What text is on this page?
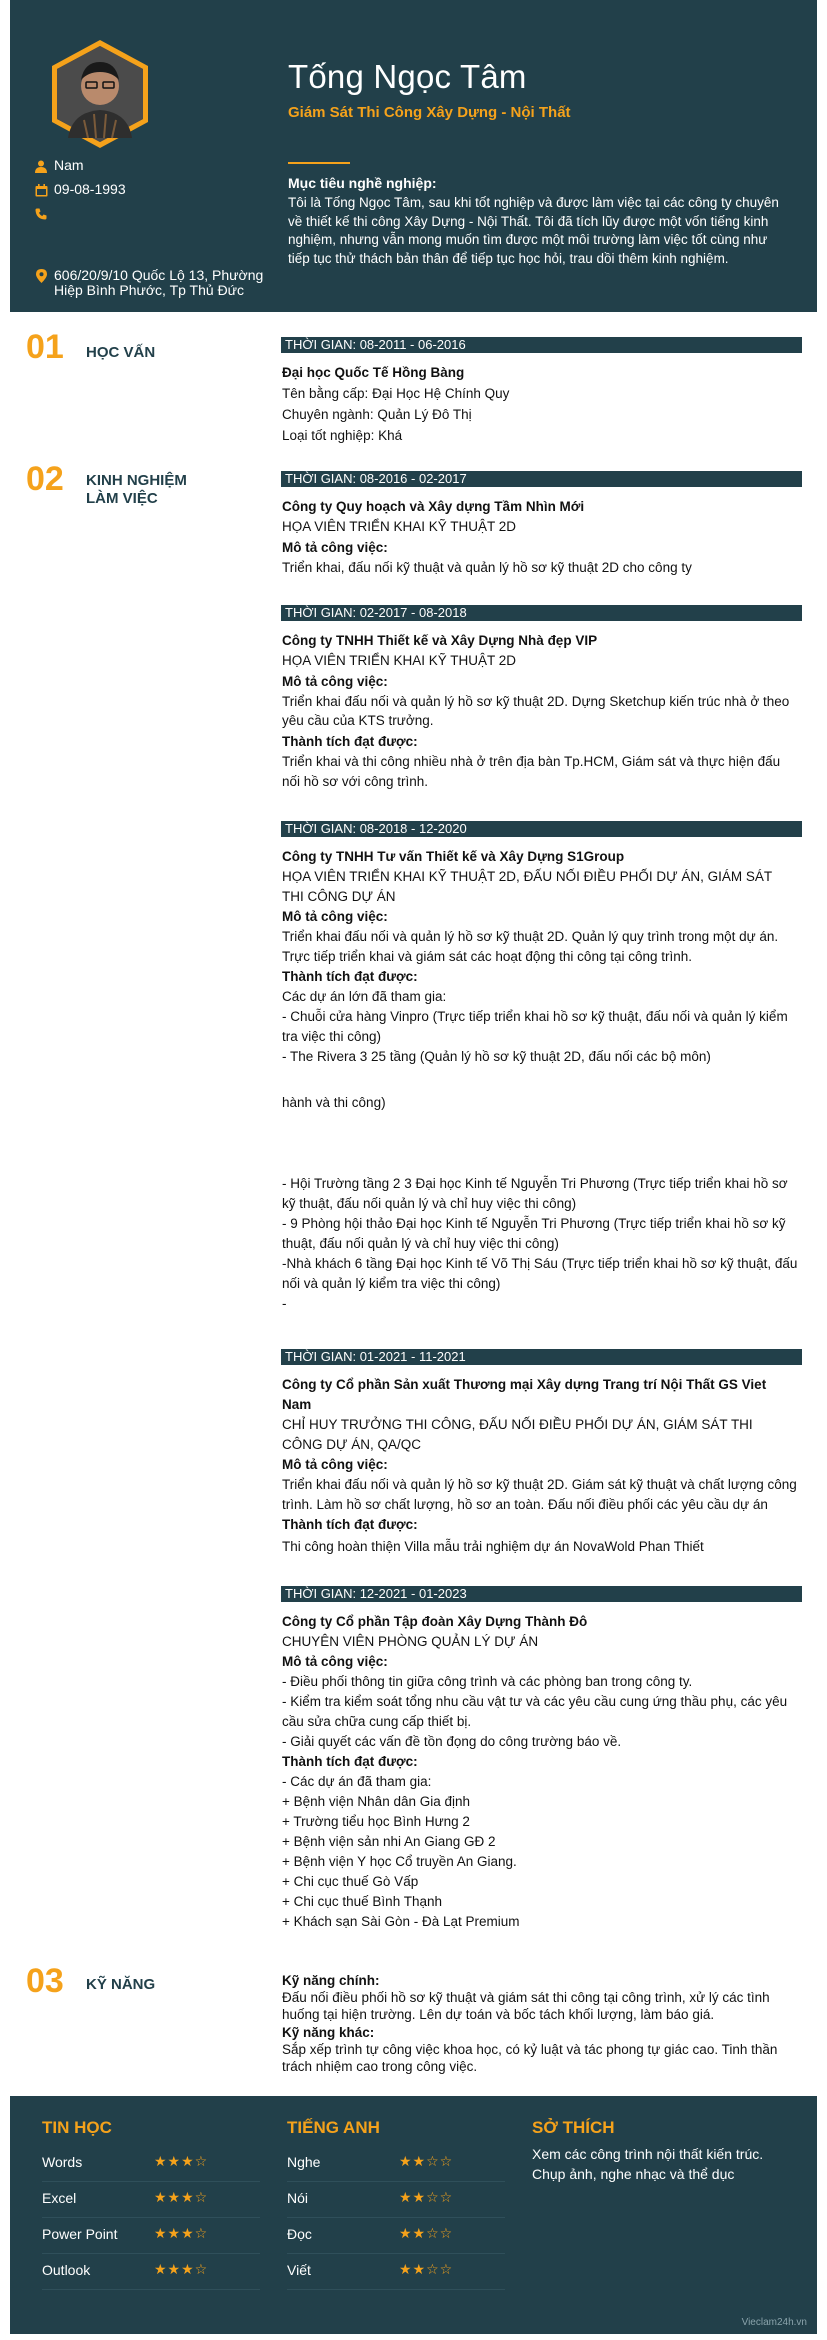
Nam
09-08-1993
606/20/9/10 Quốc Lộ 13, Phường
Hiệp Bình Phước, Tp Thủ Đức
Tống Ngọc Tâm
Giám Sát Thi Công Xây Dựng - Nội Thất
Mục tiêu nghề nghiệp:
Tôi là Tống Ngọc Tâm, sau khi tốt nghiệp và được làm việc tại các công ty chuyên
về thiết kế thi công Xây Dựng - Nội Thất. Tôi đã tích lũy được một vốn tiếng kinh
nghiệm, nhưng vẫn mong muốn tìm được một môi trường làm việc tốt cùng như
tiếp tục thử thách bản thân để tiếp tục học hỏi, trau dồi thêm kinh nghiệm.
01 HỌC VẤN	THỜI GIAN: 08-2011 - 06-2016
Đại học Quốc Tế Hồng Bàng
Tên bằng cấp: Đại Học Hệ Chính Quy
Chuyên ngành: Quản Lý Đô Thị
Loại tốt nghiệp: Khá
02 KINH NGHIỆM
LÀM VIỆC
THỜI GIAN: 08-2016 - 02-2017
Công ty Quy hoạch và Xây dựng Tầm Nhìn Mới
HỌA VIÊN TRIỂN KHAI KỸ THUẬT 2D
Mô tả công việc:
Triển khai, đấu nối kỹ thuật và quản lý hồ sơ kỹ thuật 2D cho công ty
THỜI GIAN: 02-2017 - 08-2018
Công ty TNHH Thiết kế và Xây Dựng Nhà đẹp VIP
HỌA VIÊN TRIỂN KHAI KỸ THUẬT 2D
Mô tả công việc:
Triển khai đấu nối và quản lý hồ sơ kỹ thuật 2D. Dựng Sketchup kiến trúc nhà ở theo
yêu cầu của KTS trưởng.
Thành tích đạt được:
Triển khai và thi công nhiều nhà ở trên địa bàn Tp.HCM, Giám sát và thực hiện đấu
nối hồ sơ với công trình.
THỜI GIAN: 08-2018 - 12-2020
Công ty TNHH Tư vấn Thiết kế và Xây Dựng S1Group
HỌA VIÊN TRIỂN KHAI KỸ THUẬT 2D, ĐẤU NỐI ĐIỀU PHỐI DỰ ÁN, GIÁM SÁT
THI CÔNG DỰ ÁN
Mô tả công việc:
Triển khai đấu nối và quản lý hồ sơ kỹ thuật 2D. Quản lý quy trình trong một dự án.
Trực tiếp triển khai và giám sát các hoạt động thi công tại công trình.
Thành tích đạt được:
Các dự án lớn đã tham gia:
- Chuỗi cửa hàng Vinpro (Trực tiếp triển khai hồ sơ kỹ thuật, đấu nối và quản lý kiểm
tra việc thi công)
- The Rivera 3 25 tầng (Quản lý hồ sơ kỹ thuật 2D, đấu nối các bộ môn)
hành và thi công)
- Hội Trường tầng 2 3 Đại học Kinh tế Nguyễn Tri Phương (Trực tiếp triển khai hồ sơ
kỹ thuật, đấu nối quản lý và chỉ huy việc thi công)
- 9 Phòng hội thảo Đại học Kinh tế Nguyễn Tri Phương (Trực tiếp triển khai hồ sơ kỹ
thuật, đấu nối quản lý và chỉ huy việc thi công)
-Nhà khách 6 tầng Đại học Kinh tế Võ Thị Sáu (Trực tiếp triển khai hồ sơ kỹ thuật, đấu
nối và quản lý kiểm tra việc thi công)
-
THỜI GIAN: 01-2021 - 11-2021
Công ty Cổ phần Sản xuất Thương mại Xây dựng Trang trí Nội Thất GS Viet
Nam
CHỈ HUY TRƯỞNG THI CÔNG, ĐẤU NỐI ĐIỀU PHỐI DỰ ÁN, GIÁM SÁT THI
CÔNG DỰ ÁN, QA/QC
Mô tả công việc:
Triển khai đấu nối và quản lý hồ sơ kỹ thuật 2D. Giám sát kỹ thuật và chất lượng công
trình. Làm hồ sơ chất lượng, hồ sơ an toàn. Đấu nối điều phối các yêu cầu dự án
Thành tích đạt được:
Thi công hoàn thiện Villa mẫu trải nghiệm dự án NovaWold Phan Thiết
THỜI GIAN: 12-2021 - 01-2023
Công ty Cổ phần Tập đoàn Xây Dựng Thành Đô
CHUYÊN VIÊN PHÒNG QUẢN LÝ DỰ ÁN
Mô tả công việc:
- Điều phối thông tin giữa công trình và các phòng ban trong công ty.
- Kiểm tra kiểm soát tổng nhu cầu vật tư và các yêu cầu cung ứng thầu phụ, các yêu
cầu sửa chữa cung cấp thiết bị.
- Giải quyết các vấn đề tồn đọng do công trường báo về.
Thành tích đạt được:
- Các dự án đã tham gia:
+ Bệnh viện Nhân dân Gia định
+ Trường tiểu học Bình Hưng 2
+ Bệnh viện sản nhi An Giang GĐ 2
+ Bệnh viện Y học Cổ truyền An Giang.
+ Chi cục thuế Gò Vấp
+ Chi cục thuế Bình Thạnh
+ Khách sạn Sài Gòn - Đà Lạt Premium
03 KỸ NĂNG	Kỹ năng chính:
Đấu nối điều phối hồ sơ kỹ thuật và giám sát thi công tại công trình, xử lý các tình
huống tại hiện trường. Lên dự toán và bốc tách khối lượng, làm báo giá.
Kỹ năng khác:
Sắp xếp trình tự công việc khoa học, có kỷ luật và tác phong tự giác cao. Tinh thần
trách nhiệm cao trong công việc.
TIN HỌC
Words	★★★☆
Excel	★★★☆
Power Point	★★★☆
Outlook	★★★☆
TIẾNG ANH
Nghe	★★☆☆
Nói	★★☆☆
Đọc	★★☆☆
Viết	★★☆☆
SỞ THÍCH
Xem các công trình nội thất kiến trúc.
Chụp ảnh, nghe nhạc và thể dục
Vieclam24h.vn
